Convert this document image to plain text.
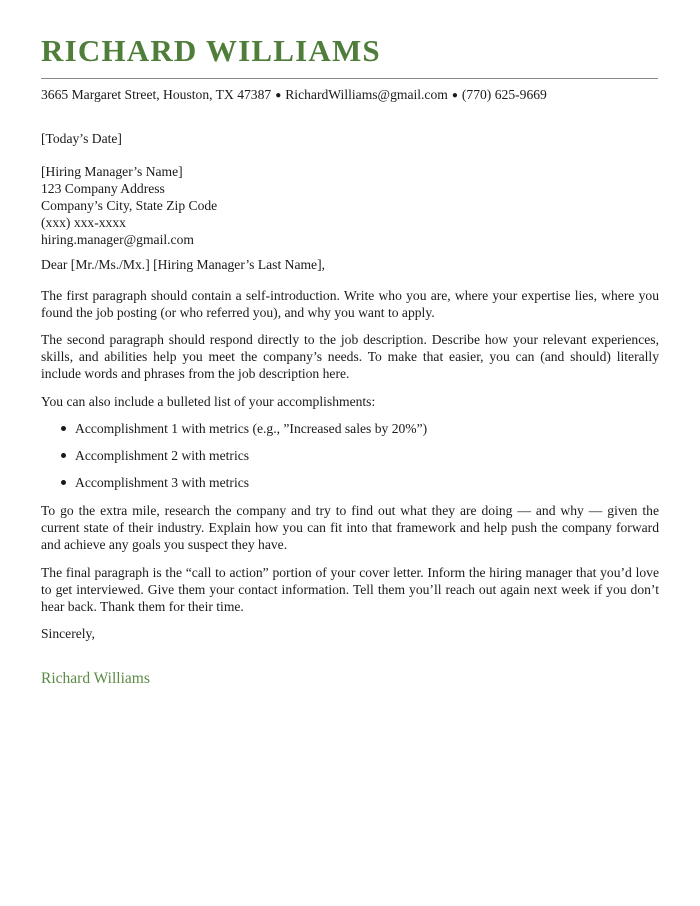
RICHARD WILLIAMS
3665 Margaret Street, Houston, TX 47387 ● RichardWilliams@gmail.com ● (770) 625-9669
[Today’s Date]
[Hiring Manager’s Name]
123 Company Address
Company’s City, State Zip Code
(xxx) xxx-xxxx
hiring.manager@gmail.com
Dear [Mr./Ms./Mx.] [Hiring Manager’s Last Name],

The first paragraph should contain a self-introduction. Write who you are, where your expertise lies, where you found the job posting (or who referred you), and why you want to apply.

The second paragraph should respond directly to the job description. Describe how your relevant experiences, skills, and abilities help you meet the company’s needs. To make that easier, you can (and should) literally include words and phrases from the job description here.

You can also include a bulleted list of your accomplishments:

Accomplishment 1 with metrics (e.g., ”Increased sales by 20%”)
Accomplishment 2 with metrics
Accomplishment 3 with metrics

To go the extra mile, research the company and try to find out what they are doing — and why — given the current state of their industry. Explain how you can fit into that framework and help push the company forward and achieve any goals you suspect they have.

The final paragraph is the “call to action” portion of your cover letter. Inform the hiring manager that you’d love to get interviewed. Give them your contact information. Tell them you’ll reach out again next week if you don’t hear back. Thank them for their time.

Sincerely,
Richard Williams
